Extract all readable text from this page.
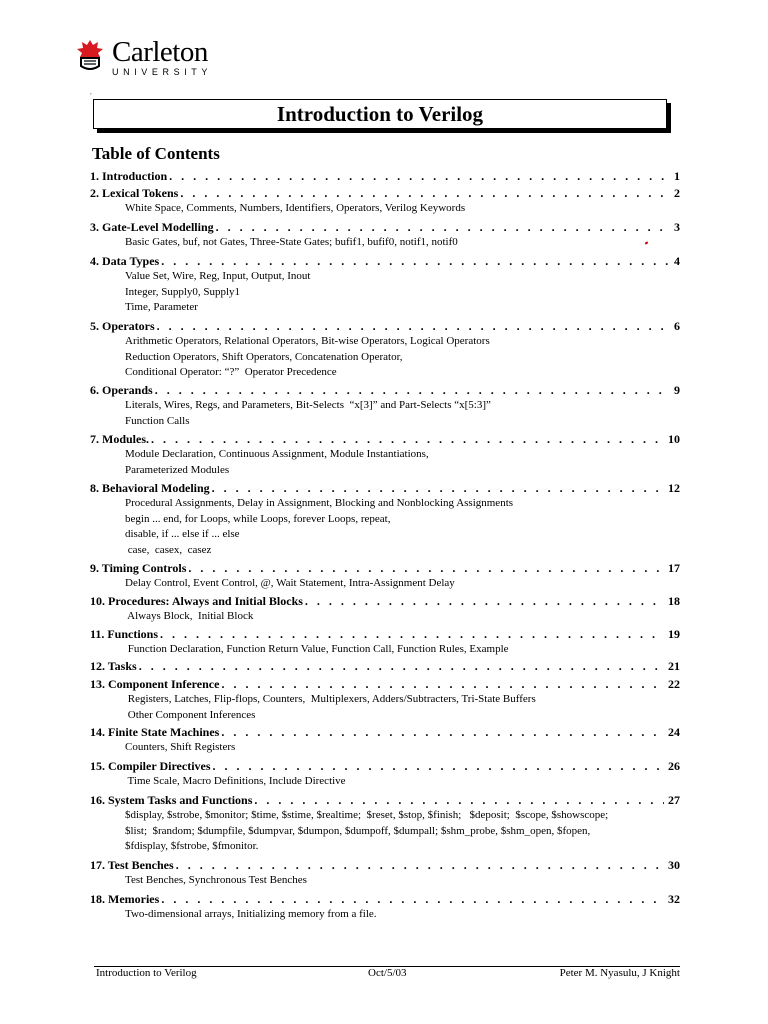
Carleton
UNIVERSITY
,
Introduction to Verilog
Table of Contents
1. Introduction . . .	1
2. Lexical Tokens . . .	2
White Space, Comments, Numbers, Identifiers, Operators, Verilog Keywords
3. Gate-Level Modelling . . .	3
Basic Gates, buf, not Gates, Three-State Gates; bufif1, bufif0, notif1, notif0
4. Data Types . . .	4
Value Set, Wire, Reg, Input, Output, Inout
Integer, Supply0, Supply1
Time, Parameter
5. Operators . . .	6
Arithmetic Operators, Relational Operators, Bit-wise Operators, Logical Operators
Reduction Operators, Shift Operators, Concatenation Operator,
Conditional Operator: “?”  Operator Precedence
6. Operands . . .	9
Literals, Wires, Regs, and Parameters, Bit-Selects  “x[3]” and Part-Selects “x[5:3]”
Function Calls
7. Modules. . . .	10
Module Declaration, Continuous Assignment, Module Instantiations,
Parameterized Modules
8. Behavioral Modeling . . .	12
Procedural Assignments, Delay in Assignment, Blocking and Nonblocking Assignments
begin ... end, for Loops, while Loops, forever Loops, repeat,
disable, if ... else if ... else
case,  casex,  casez
9. Timing Controls . . .	17
Delay Control, Event Control, @, Wait Statement, Intra-Assignment Delay
10. Procedures: Always and Initial Blocks . . .	18
Always Block,  Initial Block
11. Functions . . .	19
Function Declaration, Function Return Value, Function Call, Function Rules, Example
12. Tasks . . .	21
13. Component Inference . . .	22
Registers, Latches, Flip-flops, Counters,  Multiplexers, Adders/Subtracters, Tri-State Buffers
Other Component Inferences
14. Finite State Machines . . .	24
Counters, Shift Registers
15. Compiler Directives . . .	26
Time Scale, Macro Definitions, Include Directive
16. System Tasks and Functions . . .	27
$display, $strobe, $monitor; $time, $stime, $realtime;  $reset, $stop, $finish;   $deposit;  $scope, $showscope;
$list;  $random; $dumpfile, $dumpvar, $dumpon, $dumpoff, $dumpall; $shm_probe, $shm_open, $fopen,
$fdisplay, $fstrobe, $fmonitor.
17. Test Benches . . .	30
Test Benches, Synchronous Test Benches
18. Memories . . .	32
Two-dimensional arrays, Initializing memory from a file.
Introduction to Verilog	Oct/5/03	Peter M. Nyasulu, J Knight
